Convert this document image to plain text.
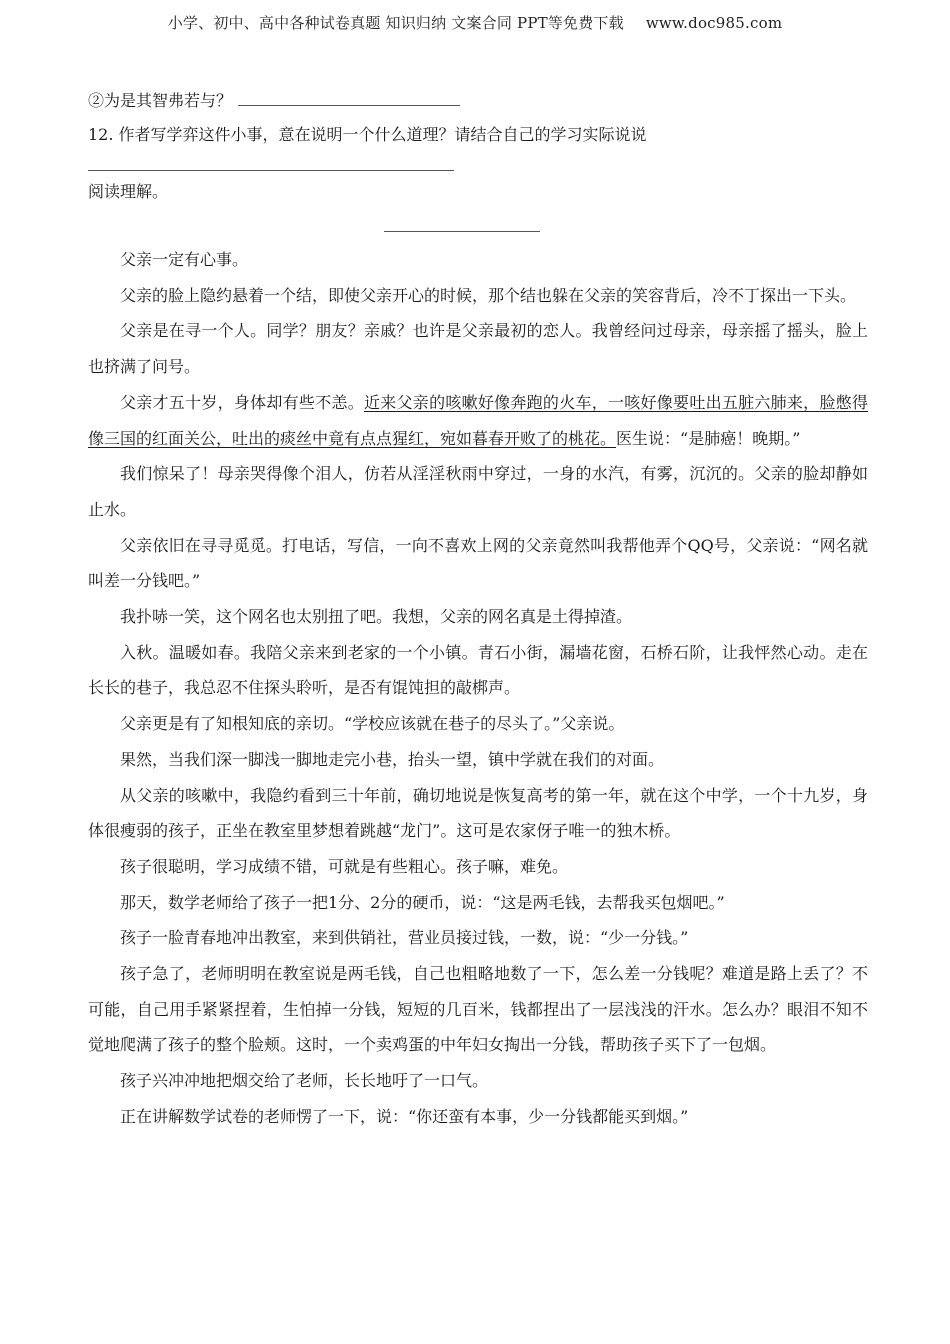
小学、初中、高中各种试卷真题 知识归纳 文案合同 PPT等免费下载 www.doc985.com
②为是其智弗若与？
12. 作者写学弈这件小事，意在说明一个什么道理？请结合自己的学习实际说说
阅读理解。

父亲一定有心事。

父亲的脸上隐约悬着一个结，即使父亲开心的时候，那个结也躲在父亲的笑容背后，冷不丁探出一下头。

父亲是在寻一个人。同学？朋友？亲戚？也许是父亲最初的恋人。我曾经问过母亲，母亲摇了摇头，脸上也挤满了问号。

父亲才五十岁，身体却有些不恙。近来父亲的咳嗽好像奔跑的火车，一咳好像要吐出五脏六肺来，脸憋得像三国的红面关公，吐出的痰丝中竟有点点猩红，宛如暮春开败了的桃花。医生说：“是肺癌！晚期。”

我们惊呆了！母亲哭得像个泪人，仿若从淫淫秋雨中穿过，一身的水汽，有雾，沉沉的。父亲的脸却静如止水。

父亲依旧在寻寻觅觅。打电话，写信，一向不喜欢上网的父亲竟然叫我帮他弄个QQ号，父亲说：“网名就叫差一分钱吧。”

我扑哧一笑，这个网名也太别扭了吧。我想，父亲的网名真是土得掉渣。

入秋。温暖如春。我陪父亲来到老家的一个小镇。青石小街，漏墙花窗，石桥石阶，让我怦然心动。走在长长的巷子，我总忍不住探头聆听，是否有馄饨担的敲梆声。

父亲更是有了知根知底的亲切。“学校应该就在巷子的尽头了。”父亲说。

果然，当我们深一脚浅一脚地走完小巷，抬头一望，镇中学就在我们的对面。

从父亲的咳嗽中，我隐约看到三十年前，确切地说是恢复高考的第一年，就在这个中学，一个十九岁，身体很瘦弱的孩子，正坐在教室里梦想着跳越“龙门”。这可是农家伢子唯一的独木桥。

孩子很聪明，学习成绩不错，可就是有些粗心。孩子嘛，难免。

那天，数学老师给了孩子一把1分、2分的硬币，说：“这是两毛钱，去帮我买包烟吧。”

孩子一脸青春地冲出教室，来到供销社，营业员接过钱，一数，说：“少一分钱。”

孩子急了，老师明明在教室说是两毛钱，自己也粗略地数了一下，怎么差一分钱呢？难道是路上丢了？不可能，自己用手紧紧捏着，生怕掉一分钱，短短的几百米，钱都捏出了一层浅浅的汗水。怎么办？眼泪不知不觉地爬满了孩子的整个脸颊。这时，一个卖鸡蛋的中年妇女掏出一分钱，帮助孩子买下了一包烟。

孩子兴冲冲地把烟交给了老师，长长地吁了一口气。

正在讲解数学试卷的老师愣了一下，说：“你还蛮有本事，少一分钱都能买到烟。”
